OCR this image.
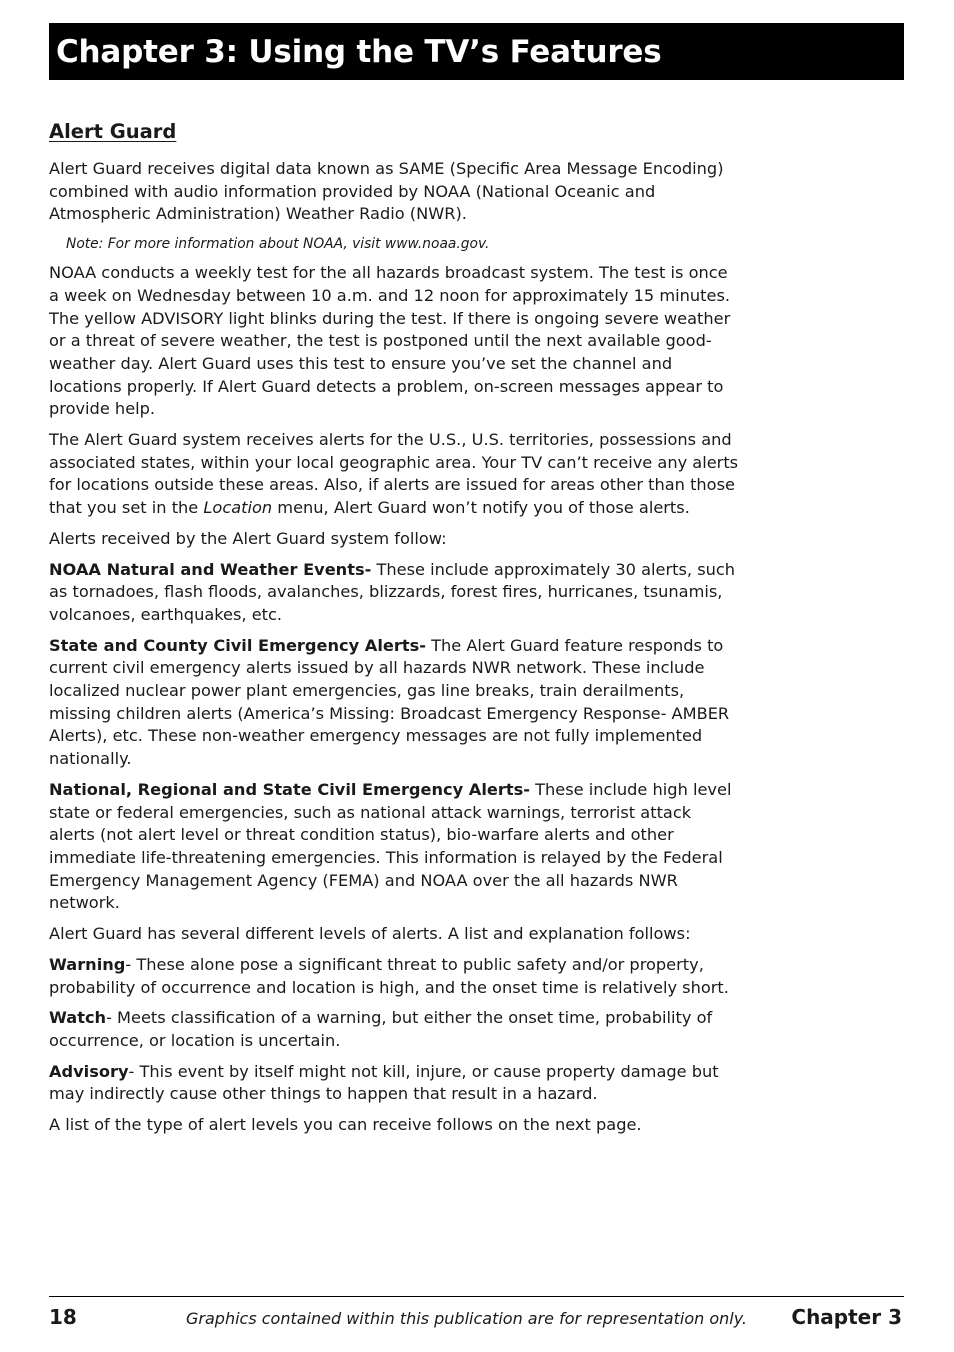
Chapter 3: Using the TV’s Features
Alert Guard

Alert Guard receives digital data known as SAME (Specific Area Message Encoding) combined with audio information provided by NOAA (National Oceanic and Atmospheric Administration) Weather Radio (NWR).

Note: For more information about NOAA, visit www.noaa.gov.

NOAA conducts a weekly test for the all hazards broadcast system. The test is once a week on Wednesday between 10 a.m. and 12 noon for approximately 15 minutes. The yellow ADVISORY light blinks during the test. If there is ongoing severe weather or a threat of severe weather, the test is postponed until the next available good-weather day. Alert Guard uses this test to ensure you’ve set the channel and locations properly. If Alert Guard detects a problem, on-screen messages appear to provide help.

The Alert Guard system receives alerts for the U.S., U.S. territories, possessions and associated states, within your local geographic area. Your TV can’t receive any alerts for locations outside these areas. Also, if alerts are issued for areas other than those that you set in the Location menu, Alert Guard won’t notify you of those alerts.

Alerts received by the Alert Guard system follow:

NOAA Natural and Weather Events- These include approximately 30 alerts, such as tornadoes, flash floods, avalanches, blizzards, forest fires, hurricanes, tsunamis, volcanoes, earthquakes, etc.

State and County Civil Emergency Alerts- The Alert Guard feature responds to current civil emergency alerts issued by all hazards NWR network. These include localized nuclear power plant emergencies, gas line breaks, train derailments, missing children alerts (America’s Missing: Broadcast Emergency Response- AMBER Alerts), etc. These non-weather emergency messages are not fully implemented nationally.

National, Regional and State Civil Emergency Alerts- These include high level state or federal emergencies, such as national attack warnings, terrorist attack alerts (not alert level or threat condition status), bio-warfare alerts and other immediate life-threatening emergencies. This information is relayed by the Federal Emergency Management Agency (FEMA) and NOAA over the all hazards NWR network.

Alert Guard has several different levels of alerts. A list and explanation follows:

Warning- These alone pose a significant threat to public safety and/or property, probability of occurrence and location is high, and the onset time is relatively short.

Watch- Meets classification of a warning, but either the onset time, probability of occurrence, or location is uncertain.

Advisory- This event by itself might not kill, injure, or cause property damage but may indirectly cause other things to happen that result in a hazard.

A list of the type of alert levels you can receive follows on the next page.

18	Graphics contained within this publication are for representation only. Chapter 3
